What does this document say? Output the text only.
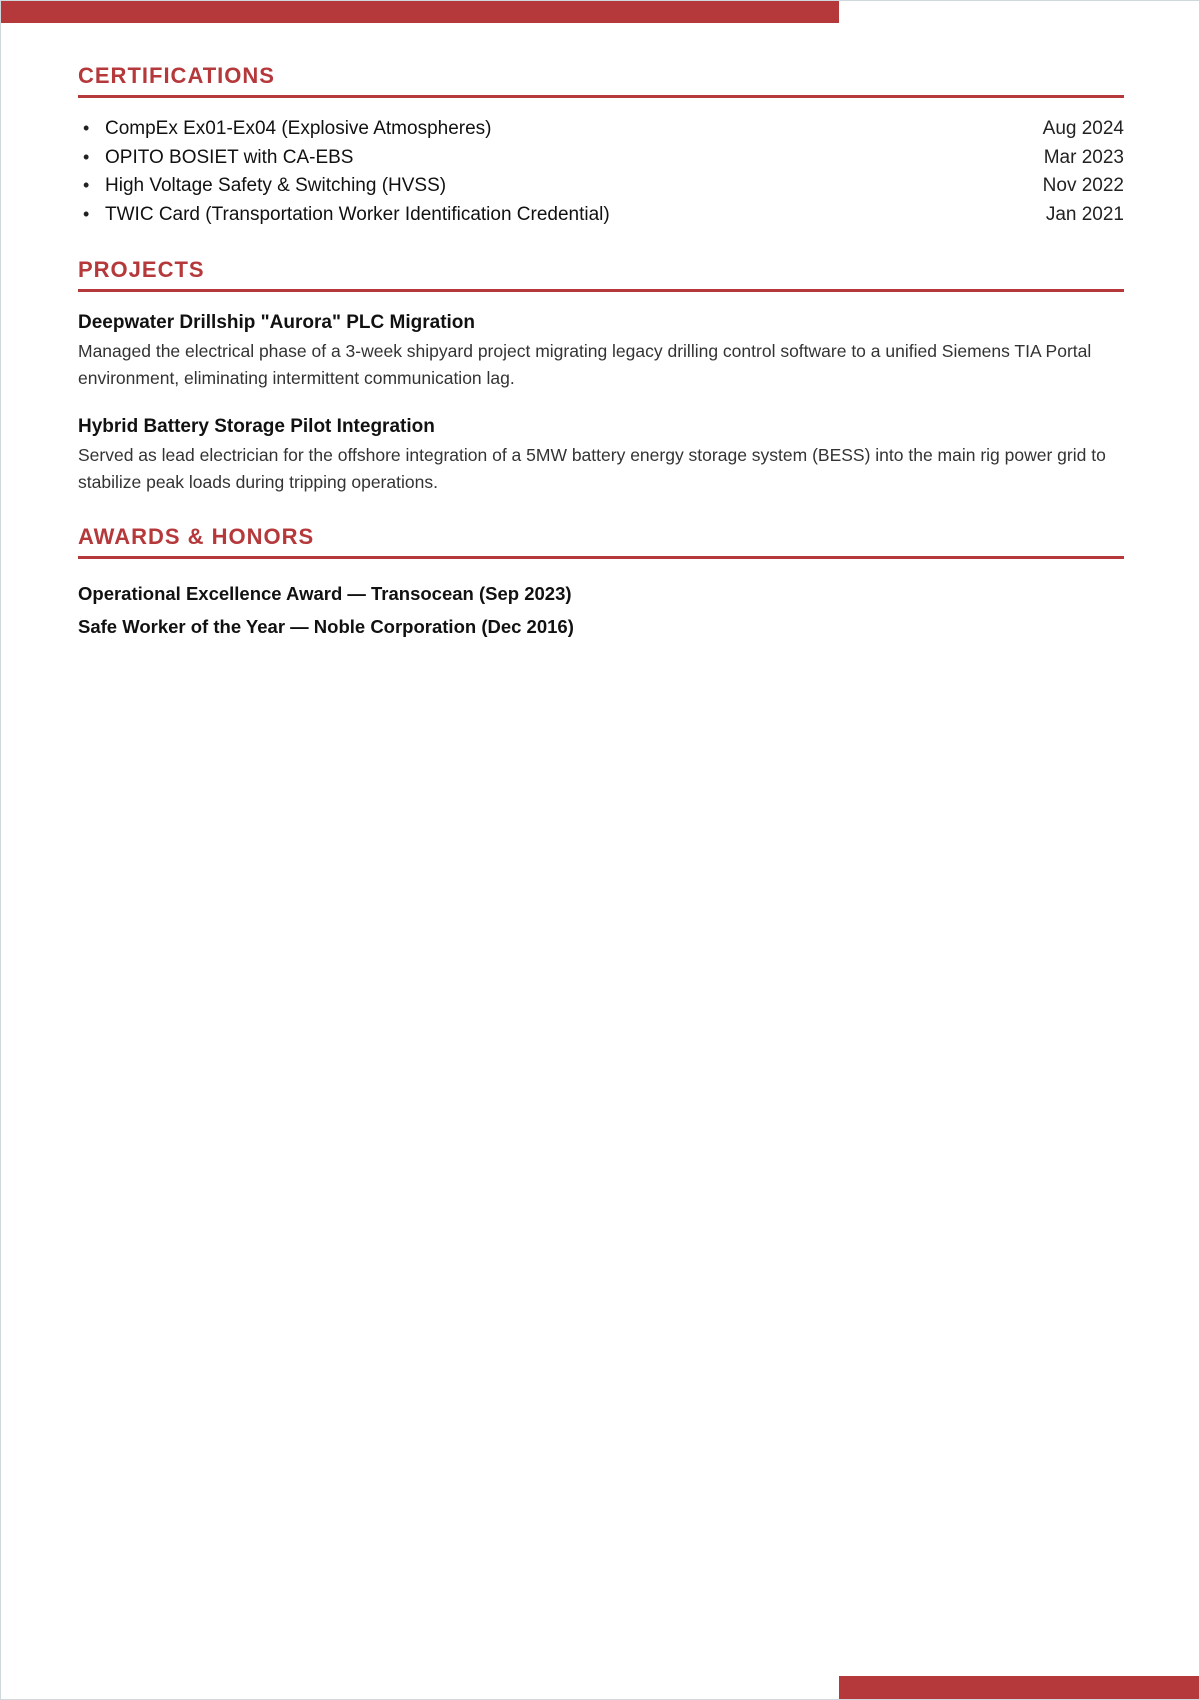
CERTIFICATIONS
• CompEx Ex01-Ex04 (Explosive Atmospheres)	Aug 2024
• OPITO BOSIET with CA-EBS	Mar 2023
• High Voltage Safety & Switching (HVSS)	Nov 2022
• TWIC Card (Transportation Worker Identification Credential)	Jan 2021
PROJECTS
Deepwater Drillship "Aurora" PLC Migration

Managed the electrical phase of a 3-week shipyard project migrating legacy drilling control software to a unified Siemens TIA Portal environment, eliminating intermittent communication lag.

Hybrid Battery Storage Pilot Integration

Served as lead electrician for the offshore integration of a 5MW battery energy storage system (BESS) into the main rig power grid to stabilize peak loads during tripping operations.

AWARDS & HONORS
Operational Excellence Award — Transocean (Sep 2023)
Safe Worker of the Year — Noble Corporation (Dec 2016)
